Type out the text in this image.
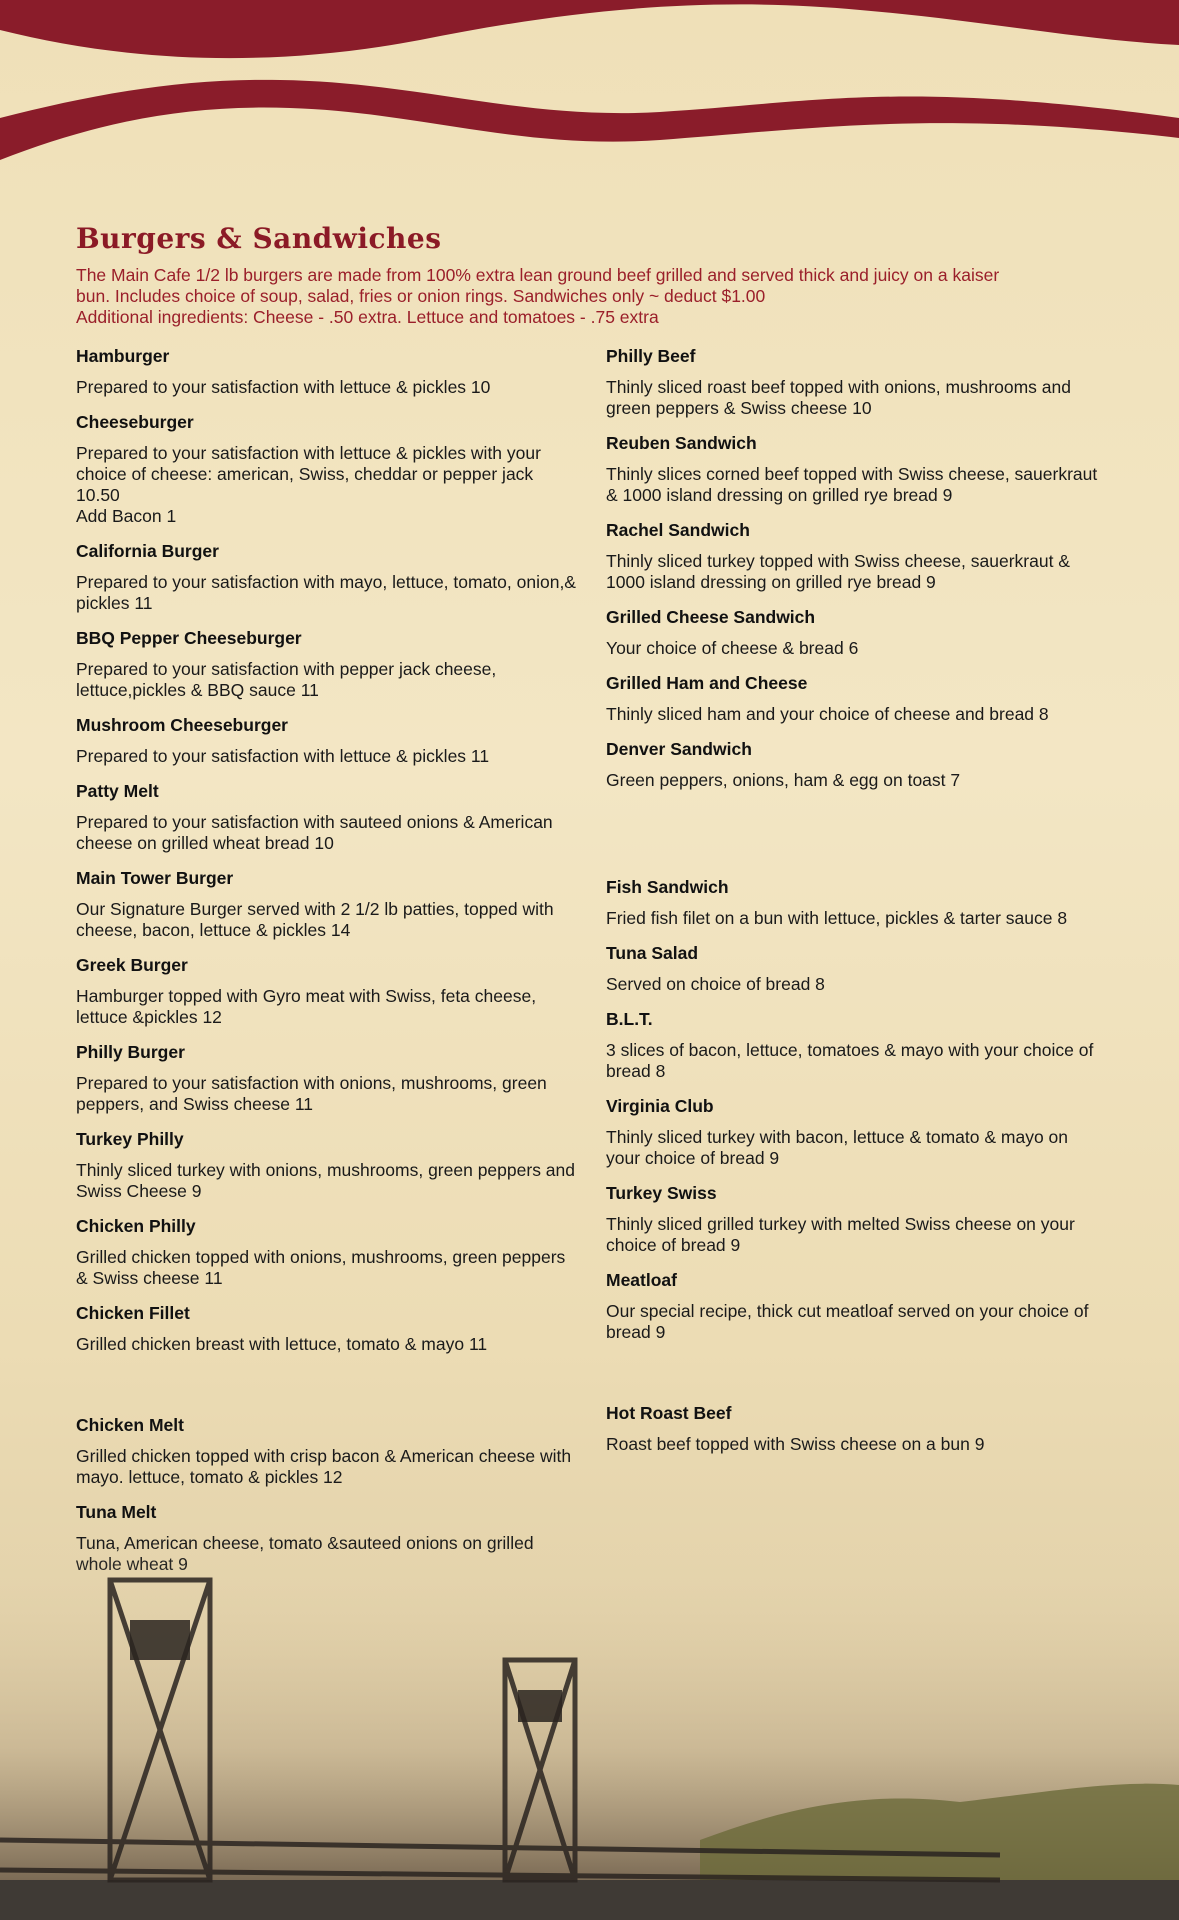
Burgers & Sandwiches

The Main Cafe 1/2 lb burgers are made from 100% extra lean ground beef grilled and served thick and juicy on a kaiser
bun. Includes choice of soup, salad, fries or onion rings. Sandwiches only ~ deduct $1.00
Additional ingredients: Cheese - .50 extra. Lettuce and tomatoes - .75 extra

Hamburger

Prepared to your satisfaction with lettuce & pickles 10

Cheeseburger

Prepared to your satisfaction with lettuce & pickles with your choice of cheese: american, Swiss, cheddar or pepper jack 10.50

Add Bacon 1

California Burger

Prepared to your satisfaction with mayo, lettuce, tomato, onion,& pickles 11

BBQ Pepper Cheeseburger

Prepared to your satisfaction with pepper jack cheese, lettuce,pickles & BBQ sauce 11

Mushroom Cheeseburger

Prepared to your satisfaction with lettuce & pickles 11

Patty Melt

Prepared to your satisfaction with sauteed onions & American cheese on grilled wheat bread 10

Main Tower Burger

Our Signature Burger served with 2 1/2 lb patties, topped with cheese, bacon, lettuce & pickles 14

Greek Burger

Hamburger topped with Gyro meat with Swiss, feta cheese, lettuce &pickles 12

Philly Burger

Prepared to your satisfaction with onions, mushrooms, green peppers, and Swiss cheese 11

Turkey Philly

Thinly sliced turkey with onions, mushrooms, green peppers and Swiss Cheese 9

Chicken Philly

Grilled chicken topped with onions, mushrooms, green peppers & Swiss cheese 11

Chicken Fillet

Grilled chicken breast with lettuce, tomato & mayo 11

Chicken Melt

Grilled chicken topped with crisp bacon & American cheese with mayo. lettuce, tomato & pickles 12

Tuna Melt

Philly Beef

Thinly sliced roast beef topped with onions, mushrooms and green peppers & Swiss cheese 10

Reuben Sandwich

Thinly slices corned beef topped with Swiss cheese, sauerkraut & 1000 island dressing on grilled rye bread 9

Rachel Sandwich

Thinly sliced turkey topped with Swiss cheese, sauerkraut & 1000 island dressing on grilled rye bread 9

Grilled Cheese Sandwich

Your choice of cheese & bread 6

Grilled Ham and Cheese

Thinly sliced ham and your choice of cheese and bread 8

Denver Sandwich

Green peppers, onions, ham & egg on toast 7

Fish Sandwich

Fried fish filet on a bun with lettuce, pickles & tarter sauce 8

Tuna Salad

Served on choice of bread 8

B.L.T.

3 slices of bacon, lettuce, tomatoes & mayo with your choice of bread 8

Virginia Club

Thinly sliced turkey with bacon, lettuce & tomato & mayo on your choice of bread 9

Turkey Swiss

Thinly sliced grilled turkey with melted Swiss cheese on your choice of bread 9

Meatloaf

Our special recipe, thick cut meatloaf served on your choice of bread 9

Hot Roast Beef

Roast beef topped with Swiss cheese on a bun 9
